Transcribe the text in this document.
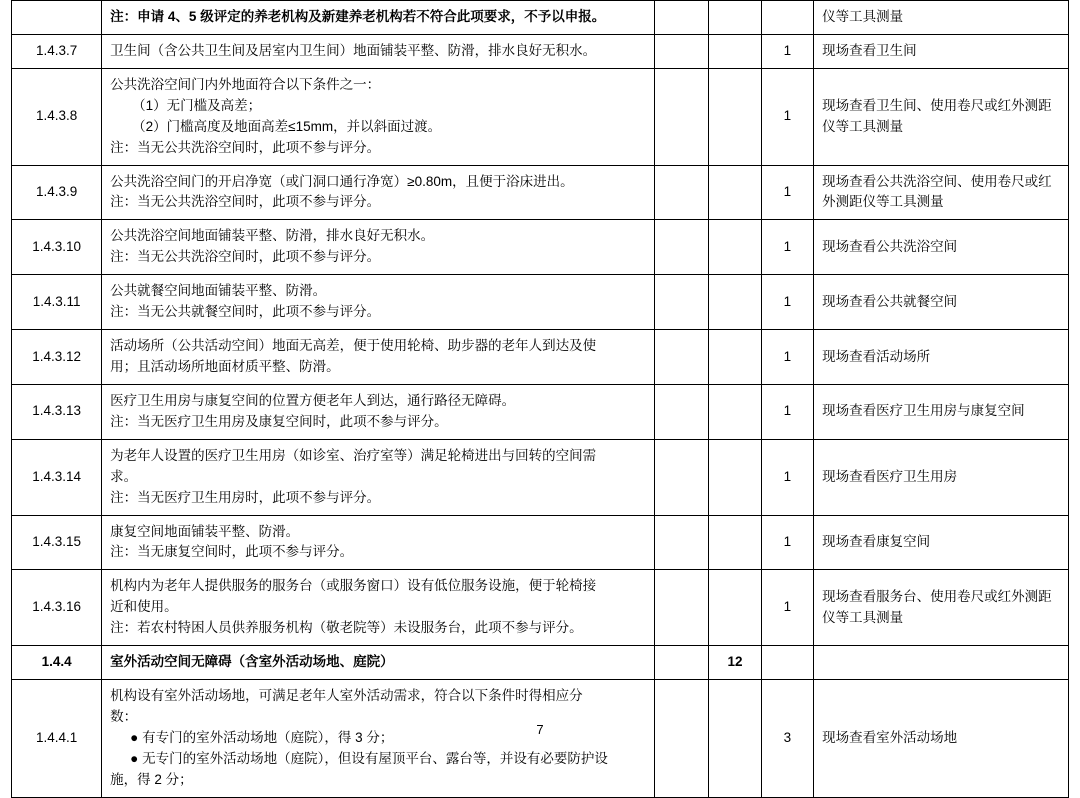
	注：申请 4、5 级评定的养老机构及新建养老机构若不符合此项要求，不予以申报。				仪等工具测量

1.4.3.7	卫生间（含公共卫生间及居室内卫生间）地面铺装平整、防滑，排水良好无积水。			1	现场查看卫生间

1.4.3.8	公共洗浴空间门内外地面符合以下条件之一：
（1）无门槛及高差；
（2）门槛高度及地面高差≤15mm，并以斜面过渡。
注：当无公共洗浴空间时，此项不参与评分。			1	现场查看卫生间、使用卷尺或红外测距
仪等工具测量

1.4.3.9	公共洗浴空间门的开启净宽（或门洞口通行净宽）≥0.80m，且便于浴床进出。
注：当无公共洗浴空间时，此项不参与评分。			1	现场查看公共洗浴空间、使用卷尺或红
外测距仪等工具测量

1.4.3.10	公共洗浴空间地面铺装平整、防滑，排水良好无积水。
注：当无公共洗浴空间时，此项不参与评分。			1	现场查看公共洗浴空间

1.4.3.11	公共就餐空间地面铺装平整、防滑。
注：当无公共就餐空间时，此项不参与评分。			1	现场查看公共就餐空间

1.4.3.12	活动场所（公共活动空间）地面无高差，便于使用轮椅、助步器的老年人到达及使
用；且活动场所地面材质平整、防滑。			1	现场查看活动场所

1.4.3.13	医疗卫生用房与康复空间的位置方便老年人到达，通行路径无障碍。
注：当无医疗卫生用房及康复空间时，此项不参与评分。			1	现场查看医疗卫生用房与康复空间

1.4.3.14	为老年人设置的医疗卫生用房（如诊室、治疗室等）满足轮椅进出与回转的空间需
求。
注：当无医疗卫生用房时，此项不参与评分。			1	现场查看医疗卫生用房

1.4.3.15	康复空间地面铺装平整、防滑。
注：当无康复空间时，此项不参与评分。			1	现场查看康复空间

1.4.3.16	机构内为老年人提供服务的服务台（或服务窗口）设有低位服务设施，便于轮椅接
近和使用。
注：若农村特困人员供养服务机构（敬老院等）未设服务台，此项不参与评分。			1	现场查看服务台、使用卷尺或红外测距
仪等工具测量

1.4.4	室外活动空间无障碍（含室外活动场地、庭院）		12		
1.4.4.1	机构设有室外活动场地，可满足老年人室外活动需求，符合以下条件时得相应分
数：
● 有专门的室外活动场地（庭院），得 3 分；
● 无专门的室外活动场地（庭院），但设有屋顶平台、露台等，并设有必要防护设
施，得 2 分；			3	现场查看室外活动场地
7
